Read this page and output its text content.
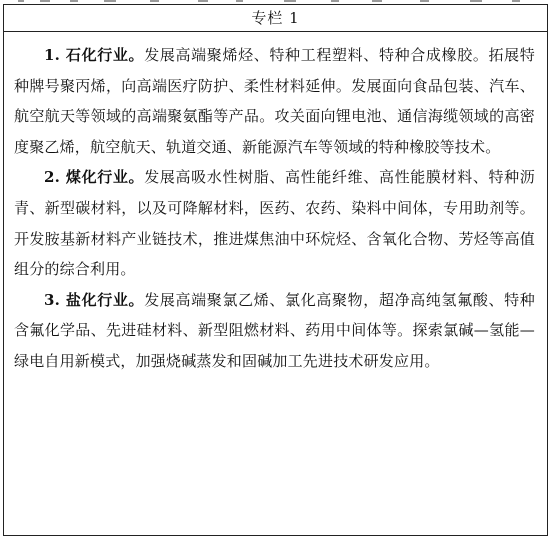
专栏 1

1. 石化行业。发展高端聚烯烃、特种工程塑料、特种合成橡胶。拓展特种牌号聚丙烯，向高端医疗防护、柔性材料延伸。发展面向食品包装、汽车、航空航天等领域的高端聚氨酯等产品。攻关面向锂电池、通信海缆领域的高密度聚乙烯，航空航天、轨道交通、新能源汽车等领域的特种橡胶等技术。

2. 煤化行业。发展高吸水性树脂、高性能纤维、高性能膜材料、特种沥青、新型碳材料，以及可降解材料，医药、农药、染料中间体，专用助剂等。开发胺基新材料产业链技术，推进煤焦油中环烷烃、含氧化合物、芳烃等高值组分的综合利用。

3. 盐化行业。发展高端聚氯乙烯、氯化高聚物，超净高纯氢氟酸、特种含氟化学品、先进硅材料、新型阻燃材料、药用中间体等。探索氯碱—氢能—绿电自用新模式，加强烧碱蒸发和固碱加工先进技术研发应用。
